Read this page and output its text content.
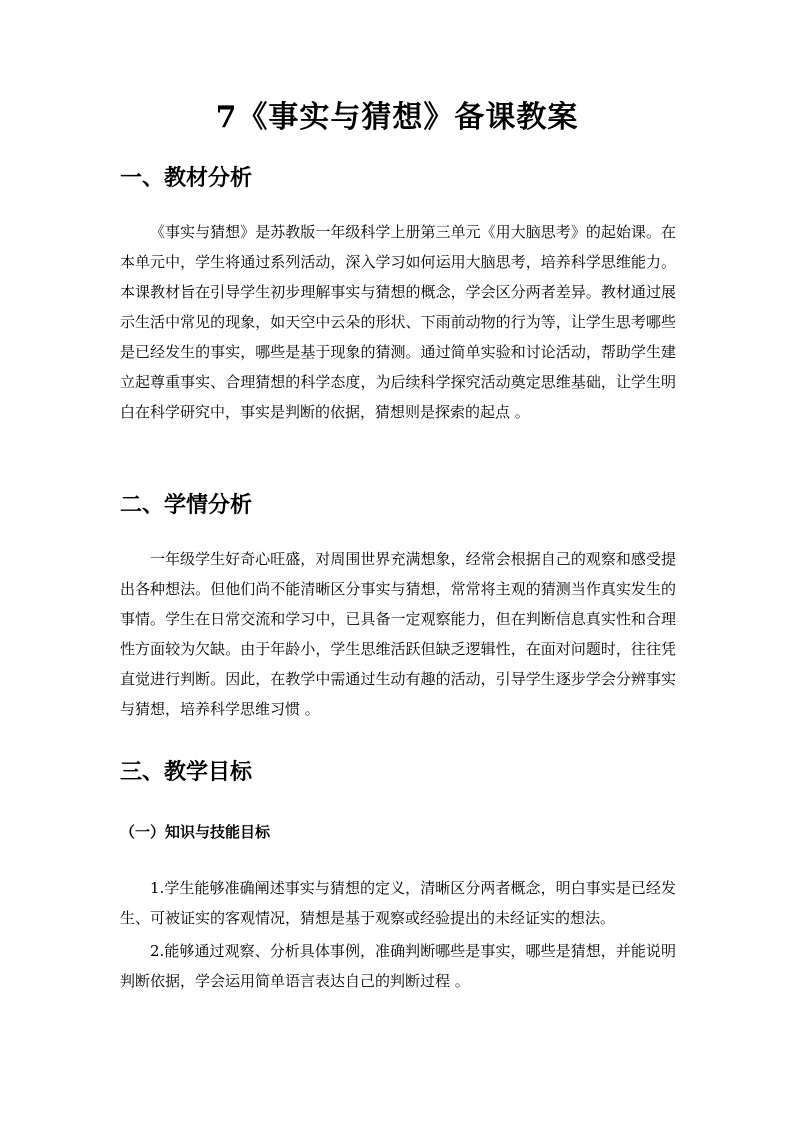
7《事实与猜想》备课教案
一、教材分析

《事实与猜想》是苏教版一年级科学上册第三单元《用大脑思考》的起始课。在本单元中，学生将通过系列活动，深入学习如何运用大脑思考，培养科学思维能力。本课教材旨在引导学生初步理解事实与猜想的概念，学会区分两者差异。教材通过展示生活中常见的现象，如天空中云朵的形状、下雨前动物的行为等，让学生思考哪些是已经发生的事实，哪些是基于现象的猜测。通过简单实验和讨论活动，帮助学生建立起尊重事实、合理猜想的科学态度，为后续科学探究活动奠定思维基础，让学生明白在科学研究中，事实是判断的依据，猜想则是探索的起点 。

二、学情分析

一年级学生好奇心旺盛，对周围世界充满想象，经常会根据自己的观察和感受提出各种想法。但他们尚不能清晰区分事实与猜想，常常将主观的猜测当作真实发生的事情。学生在日常交流和学习中，已具备一定观察能力，但在判断信息真实性和合理性方面较为欠缺。由于年龄小，学生思维活跃但缺乏逻辑性，在面对问题时，往往凭直觉进行判断。因此，在教学中需通过生动有趣的活动，引导学生逐步学会分辨事实与猜想，培养科学思维习惯 。

三、教学目标
（一）知识与技能目标

1.学生能够准确阐述事实与猜想的定义，清晰区分两者概念，明白事实是已经发生、可被证实的客观情况，猜想是基于观察或经验提出的未经证实的想法。

2.能够通过观察、分析具体事例，准确判断哪些是事实，哪些是猜想，并能说明判断依据，学会运用简单语言表达自己的判断过程 。
